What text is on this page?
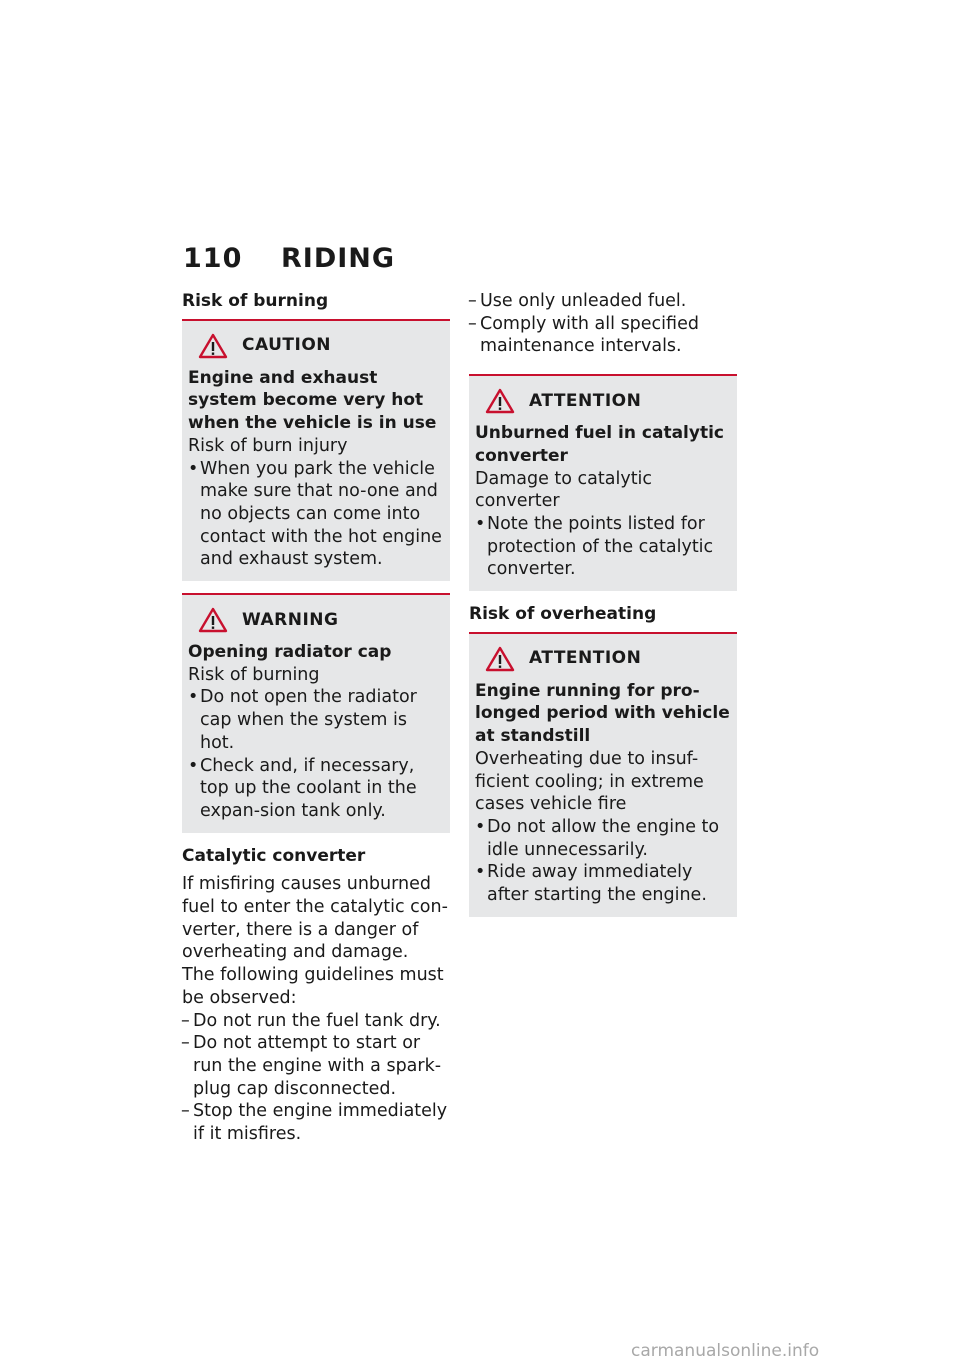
110 RIDING
Risk of burning
CAUTION
Engine and exhaust system become very hot when the vehicle is in use

Risk of burn injury

• When you park the vehicle make sure that no-one and no objects can come into contact with the hot engine and exhaust system.
WARNING
Opening radiator cap

Risk of burning

• Do not open the radiator cap when the system is hot.
• Check and, if necessary, top up the coolant in the expan-sion tank only.
Catalytic converter

If misfiring causes unburned fuel to enter the catalytic con-verter, there is a danger of overheating and damage.

The following guidelines must be observed:

– Do not run the fuel tank dry.
– Do not attempt to start or run the engine with a spark-plug cap disconnected.
– Stop the engine immediately if it misfires.
– Use only unleaded fuel.
– Comply with all specified maintenance intervals.
ATTENTION
Unburned fuel in catalytic converter

Damage to catalytic converter

• Note the points listed for protection of the catalytic converter.
Risk of overheating
ATTENTION
Engine running for pro-longed period with vehicle at standstill

Overheating due to insuf-ficient cooling; in extreme cases vehicle fire

• Do not allow the engine to idle unnecessarily.
• Ride away immediately after starting the engine.
carmanualsonline.info
